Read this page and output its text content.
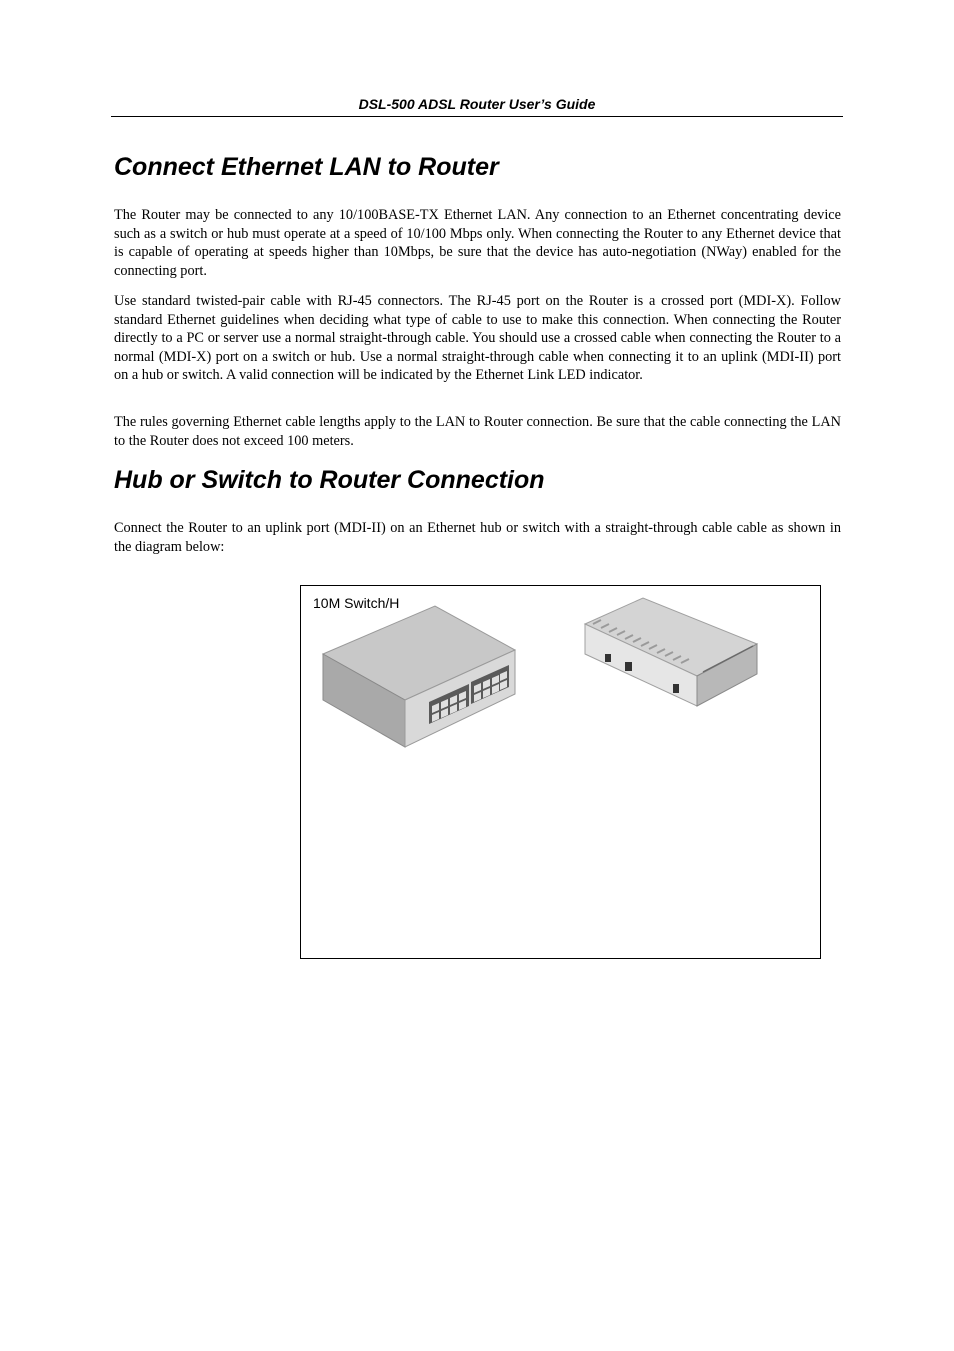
DSL-500 ADSL Router User’s Guide
Connect Ethernet LAN to Router

The Router may be connected to any 10/100BASE-TX Ethernet LAN. Any connection to an Ethernet concentrating device such as a switch or hub must operate at a speed of 10/100 Mbps only. When connecting the Router to any Ethernet device that is capable of operating at speeds higher than 10Mbps, be sure that the device has auto-negotiation (NWay) enabled for the connecting port.

Use standard twisted-pair cable with RJ-45 connectors. The RJ-45 port on the Router is a crossed port (MDI-X). Follow standard Ethernet guidelines when deciding what type of cable to use to make this connection. When connecting the Router directly to a PC or server use a normal straight-through cable. You should use a crossed cable when connecting the Router to a normal (MDI-X) port on a switch or hub. Use a normal straight-through cable when connecting it to an uplink (MDI-II) port on a hub or switch. A valid connection will be indicated by the Ethernet Link LED indicator.

The rules governing Ethernet cable lengths apply to the LAN to Router connection. Be sure that the cable connecting the LAN to the Router does not exceed 100 meters.

Hub or Switch to Router Connection

Connect the Router to an uplink port (MDI-II) on an Ethernet hub or switch with a straight-through cable cable as shown in the diagram below:

10M Switch/H
